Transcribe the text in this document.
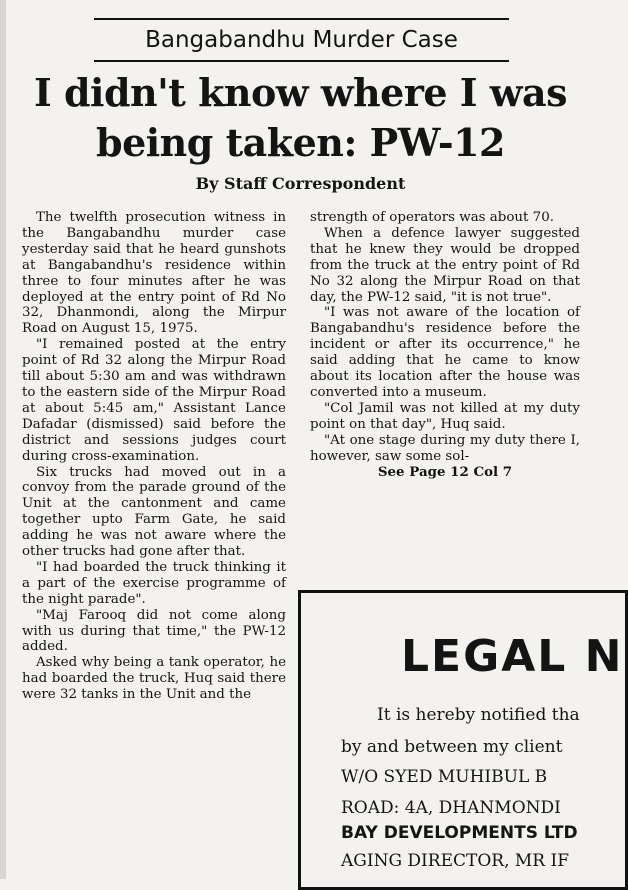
Bangabandhu Murder Case
I didn't know where I was
being taken: PW-12
By Staff Correspondent

The twelfth prosecution witness in the Bangabandhu murder case yesterday said that he heard gunshots at Bangabandhu's residence within three to four minutes after he was deployed at the entry point of Rd No 32, Dhanmondi, along the Mirpur Road on August 15, 1975.

"I remained posted at the entry point of Rd 32 along the Mirpur Road till about 5:30 am and was withdrawn to the eastern side of the Mirpur Road at about 5:45 am," Assistant Lance Dafadar (dismissed) said before the district and sessions judges court during cross-examination.

Six trucks had moved out in a convoy from the parade ground of the Unit at the cantonment and came together upto Farm Gate, he said adding he was not aware where the other trucks had gone after that.

"I had boarded the truck thinking it a part of the exercise programme of the night parade".

"Maj Farooq did not come along with us during that time," the PW-12 added.

Asked why being a tank operator, he had boarded the truck, Huq said there were 32 tanks in the Unit and the

strength of operators was about 70.

When a defence lawyer suggested that he knew they would be dropped from the truck at the entry point of Rd No 32 along the Mirpur Road on that day, the PW-12 said, "it is not true".

"I was not aware of the location of Bangabandhu's residence before the incident or after its occurrence," he said adding that he came to know about its location after the house was converted into a museum.

"Col Jamil was not killed at my duty point on that day", Huq said.

"At one stage during my duty there I, however, saw some sol-

See Page 12 Col 7

LEGAL N
It is hereby notified tha
by and between my client
W/O SYED MUHIBUL B
ROAD: 4A, DHANMONDI
BAY DEVELOPMENTS LTD
AGING DIRECTOR, MR IF
